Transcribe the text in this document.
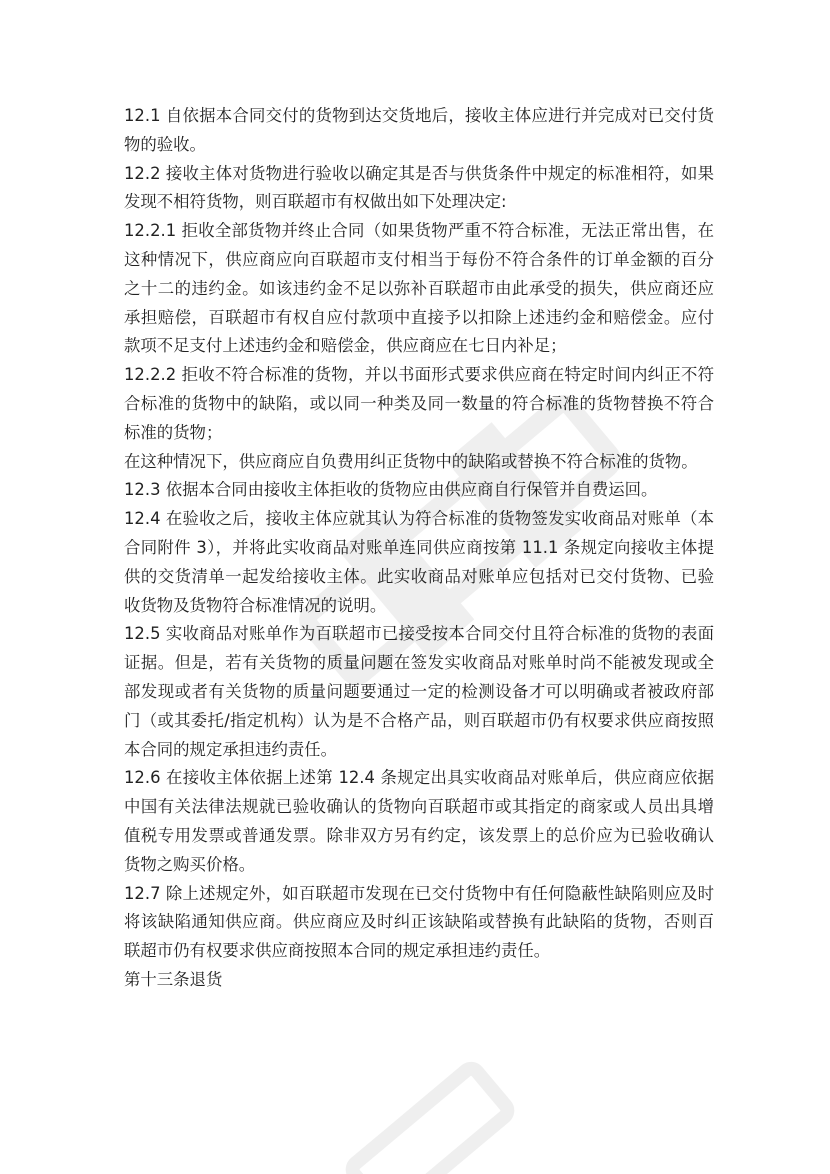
12.1 自依据本合同交付的货物到达交货地后，接收主体应进行并完成对已交付货物的验收。

12.2 接收主体对货物进行验收以确定其是否与供货条件中规定的标准相符，如果发现不相符货物，则百联超市有权做出如下处理决定:

12.2.1 拒收全部货物并终止合同（如果货物严重不符合标准，无法正常出售，在这种情况下，供应商应向百联超市支付相当于每份不符合条件的订单金额的百分之十二的违约金。如该违约金不足以弥补百联超市由此承受的损失，供应商还应承担赔偿，百联超市有权自应付款项中直接予以扣除上述违约金和赔偿金。应付款项不足支付上述违约金和赔偿金，供应商应在七日内补足；

12.2.2 拒收不符合标准的货物，并以书面形式要求供应商在特定时间内纠正不符合标准的货物中的缺陷，或以同一种类及同一数量的符合标准的货物替换不符合标准的货物；

在这种情况下，供应商应自负费用纠正货物中的缺陷或替换不符合标准的货物。

12.3 依据本合同由接收主体拒收的货物应由供应商自行保管并自费运回。

12.4 在验收之后，接收主体应就其认为符合标准的货物签发实收商品对账单（本合同附件 3），并将此实收商品对账单连同供应商按第 11.1 条规定向接收主体提供的交货清单一起发给接收主体。此实收商品对账单应包括对已交付货物、已验收货物及货物符合标准情况的说明。

12.5 实收商品对账单作为百联超市已接受按本合同交付且符合标准的货物的表面证据。但是，若有关货物的质量问题在签发实收商品对账单时尚不能被发现或全部发现或者有关货物的质量问题要通过一定的检测设备才可以明确或者被政府部门（或其委托/指定机构）认为是不合格产品，则百联超市仍有权要求供应商按照本合同的规定承担违约责任。

12.6 在接收主体依据上述第 12.4 条规定出具实收商品对账单后，供应商应依据中国有关法律法规就已验收确认的货物向百联超市或其指定的商家或人员出具增值税专用发票或普通发票。除非双方另有约定，该发票上的总价应为已验收确认货物之购买价格。

12.7 除上述规定外，如百联超市发现在已交付货物中有任何隐蔽性缺陷则应及时将该缺陷通知供应商。供应商应及时纠正该缺陷或替换有此缺陷的货物，否则百联超市仍有权要求供应商按照本合同的规定承担违约责任。

第十三条退货
